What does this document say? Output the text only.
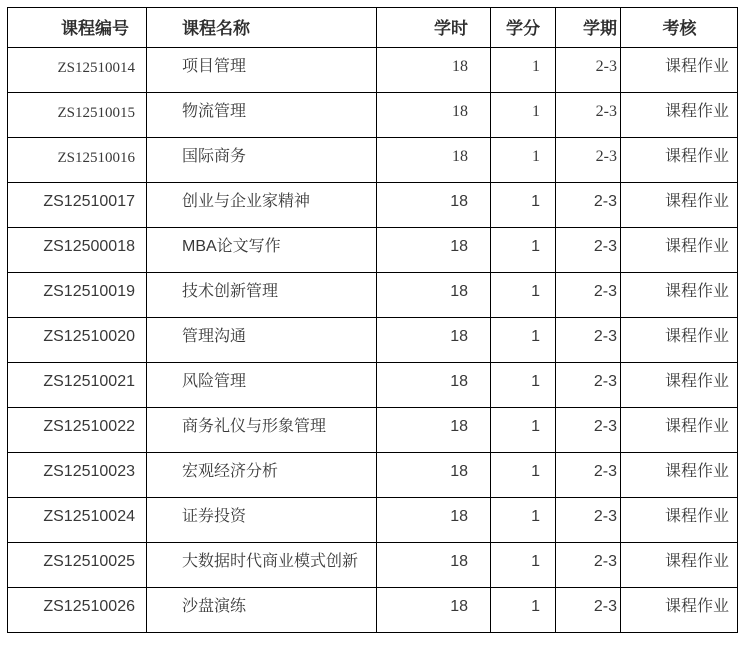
课程编号	课程名称	学时	学分	学期	考核
ZS12510014	项目管理	18	1	2-3	课程作业
ZS12510015	物流管理	18	1	2-3	课程作业
ZS12510016	国际商务	18	1	2-3	课程作业
ZS12510017	创业与企业家精神	18	1	2-3	课程作业
ZS12500018	MBA论文写作	18	1	2-3	课程作业
ZS12510019	技术创新管理	18	1	2-3	课程作业
ZS12510020	管理沟通	18	1	2-3	课程作业
ZS12510021	风险管理	18	1	2-3	课程作业
ZS12510022	商务礼仪与形象管理	18	1	2-3	课程作业
ZS12510023	宏观经济分析	18	1	2-3	课程作业
ZS12510024	证券投资	18	1	2-3	课程作业
ZS12510025	大数据时代商业模式创新	18	1	2-3	课程作业
ZS12510026	沙盘演练	18	1	2-3	课程作业
